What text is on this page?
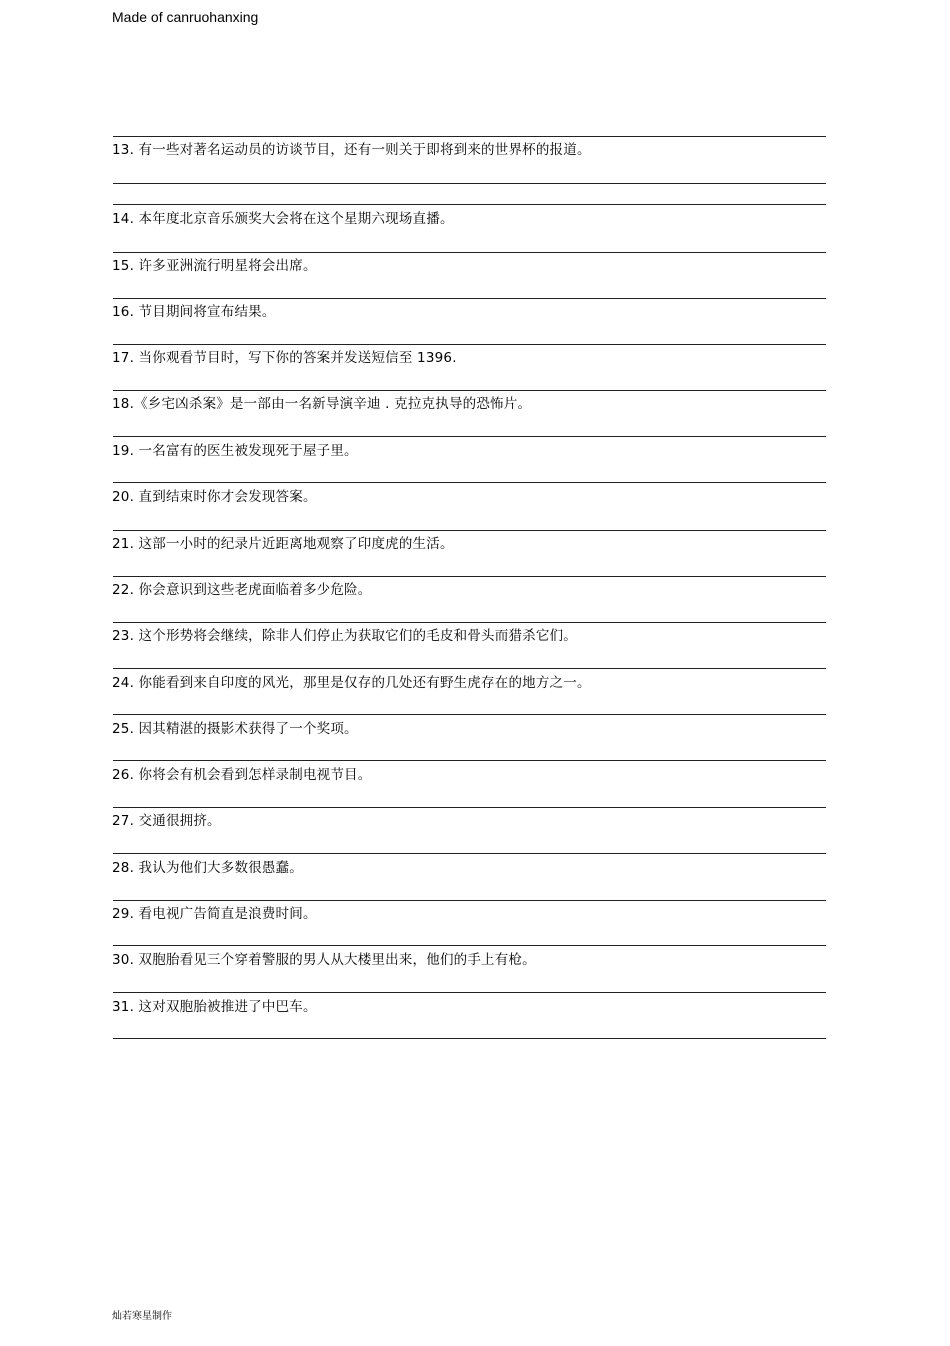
Made of canruohanxing
13. 有一些对著名运动员的访谈节目，还有一则关于即将到来的世界杯的报道。
14. 本年度北京音乐颁奖大会将在这个星期六现场直播。
15. 许多亚洲流行明星将会出席。
16. 节目期间将宣布结果。
17. 当你观看节目时，写下你的答案并发送短信至 1396.
18.《乡宅凶杀案》是一部由一名新导演辛迪 . 克拉克执导的恐怖片。
19. 一名富有的医生被发现死于屋子里。
20. 直到结束时你才会发现答案。
21. 这部一小时的纪录片近距离地观察了印度虎的生活。
22. 你会意识到这些老虎面临着多少危险。
23. 这个形势将会继续，除非人们停止为获取它们的毛皮和骨头而猎杀它们。
24. 你能看到来自印度的风光，那里是仅存的几处还有野生虎存在的地方之一。
25. 因其精湛的摄影术获得了一个奖项。
26. 你将会有机会看到怎样录制电视节目。
27. 交通很拥挤。
28. 我认为他们大多数很愚蠢。
29. 看电视广告简直是浪费时间。
30. 双胞胎看见三个穿着警服的男人从大楼里出来，他们的手上有枪。
31. 这对双胞胎被推进了中巴车。
灿若寒星制作
